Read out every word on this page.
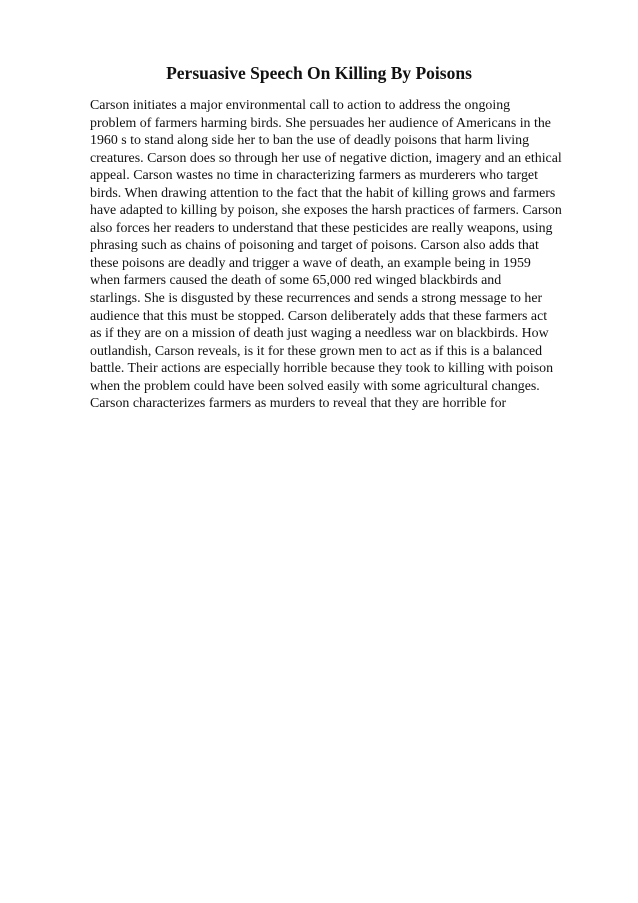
Persuasive Speech On Killing By Poisons
Carson initiates a major environmental call to action to address the ongoing
problem of farmers harming birds. She persuades her audience of Americans in the
1960 s to stand along side her to ban the use of deadly poisons that harm living
creatures. Carson does so through her use of negative diction, imagery and an ethical
appeal. Carson wastes no time in characterizing farmers as murderers who target
birds. When drawing attention to the fact that the habit of killing grows and farmers
have adapted to killing by poison, she exposes the harsh practices of farmers. Carson
also forces her readers to understand that these pesticides are really weapons, using
phrasing such as chains of poisoning and target of poisons. Carson also adds that
these poisons are deadly and trigger a wave of death, an example being in 1959
when farmers caused the death of some 65,000 red winged blackbirds and
starlings. She is disgusted by these recurrences and sends a strong message to her
audience that this must be stopped. Carson deliberately adds that these farmers act
as if they are on a mission of death just waging a needless war on blackbirds. How
outlandish, Carson reveals, is it for these grown men to act as if this is a balanced
battle. Their actions are especially horrible because they took to killing with poison
when the problem could have been solved easily with some agricultural changes.
Carson characterizes farmers as murders to reveal that they are horrible for
